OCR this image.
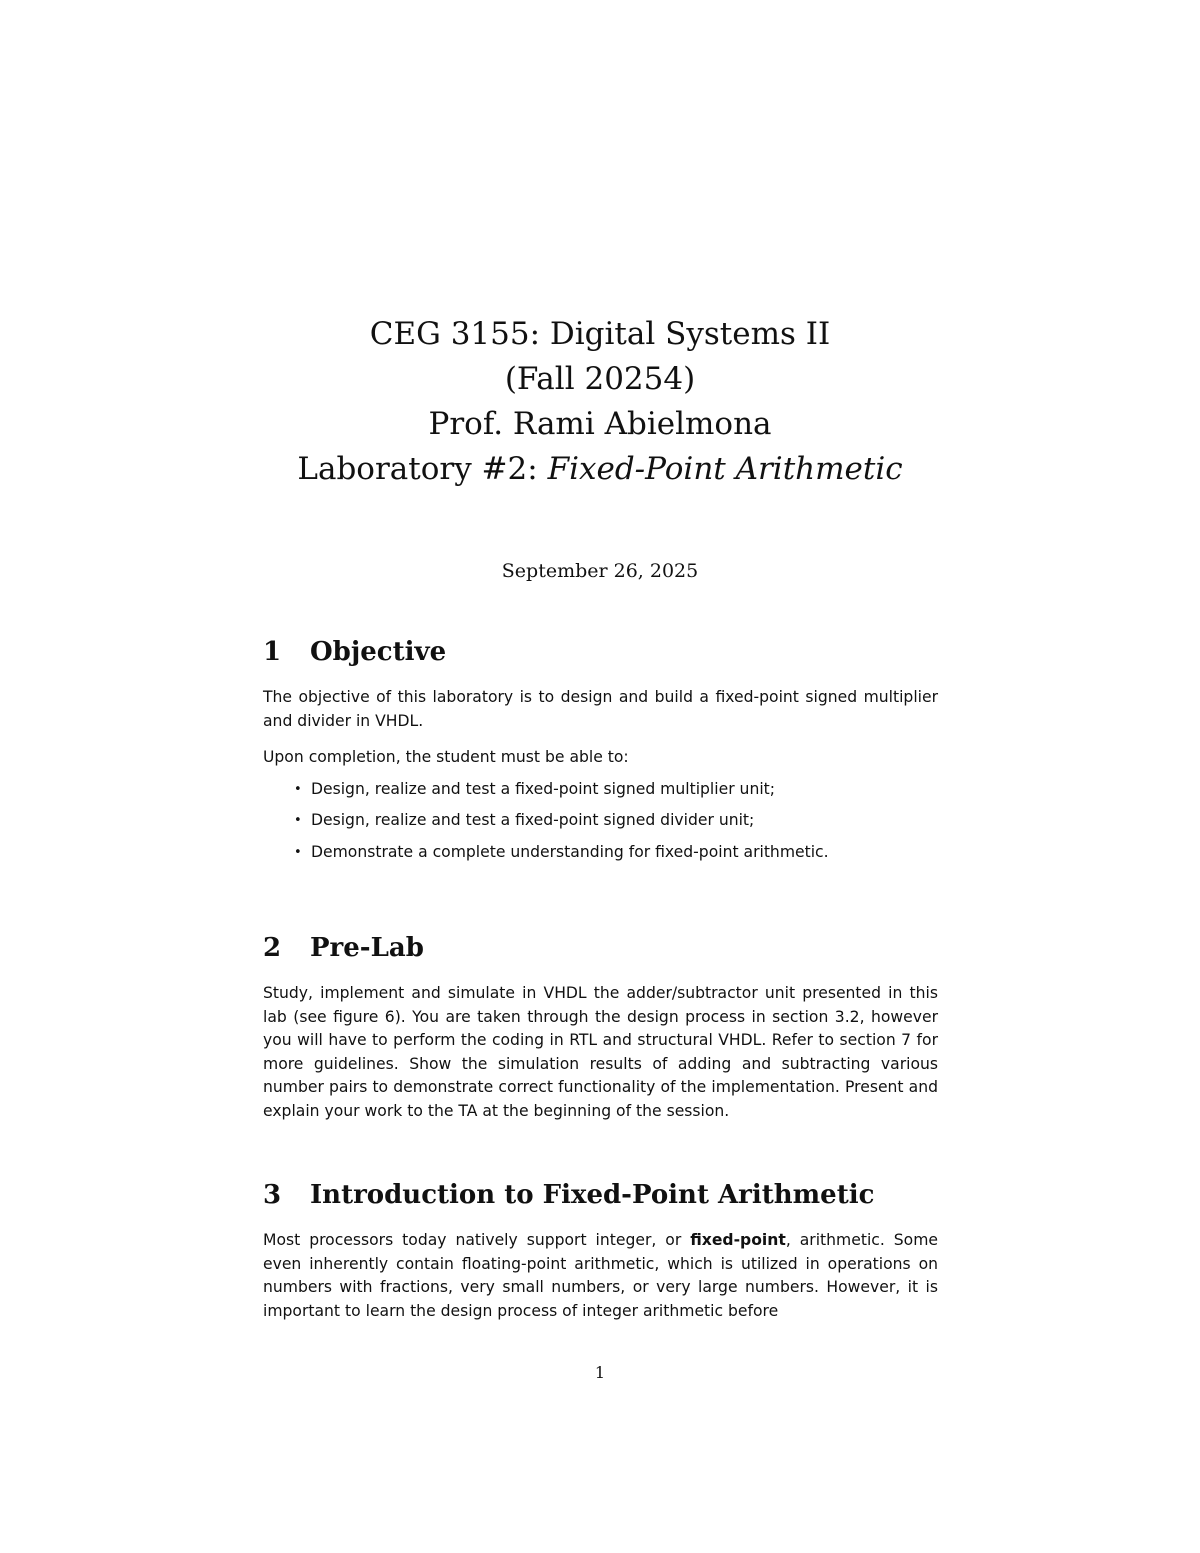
CEG 3155: Digital Systems II
(Fall 20254)
Prof. Rami Abielmona
Laboratory #2: Fixed-Point Arithmetic
September 26, 2025
1 Objective

The objective of this laboratory is to design and build a fixed-point signed multiplier and divider in VHDL.

Upon completion, the student must be able to:

• Design, realize and test a fixed-point signed multiplier unit;
• Design, realize and test a fixed-point signed divider unit;
• Demonstrate a complete understanding for fixed-point arithmetic.
2 Pre-Lab

Study, implement and simulate in VHDL the adder/subtractor unit presented in this lab (see figure 6). You are taken through the design process in section 3.2, however you will have to perform the coding in RTL and structural VHDL. Refer to section 7 for more guidelines. Show the simulation results of adding and subtracting various number pairs to demonstrate correct functionality of the implementation. Present and explain your work to the TA at the beginning of the session.

3 Introduction to Fixed-Point Arithmetic

Most processors today natively support integer, or fixed-point, arithmetic. Some even inherently contain floating-point arithmetic, which is utilized in operations on numbers with fractions, very small numbers, or very large numbers. However, it is important to learn the design process of integer arithmetic before

1
